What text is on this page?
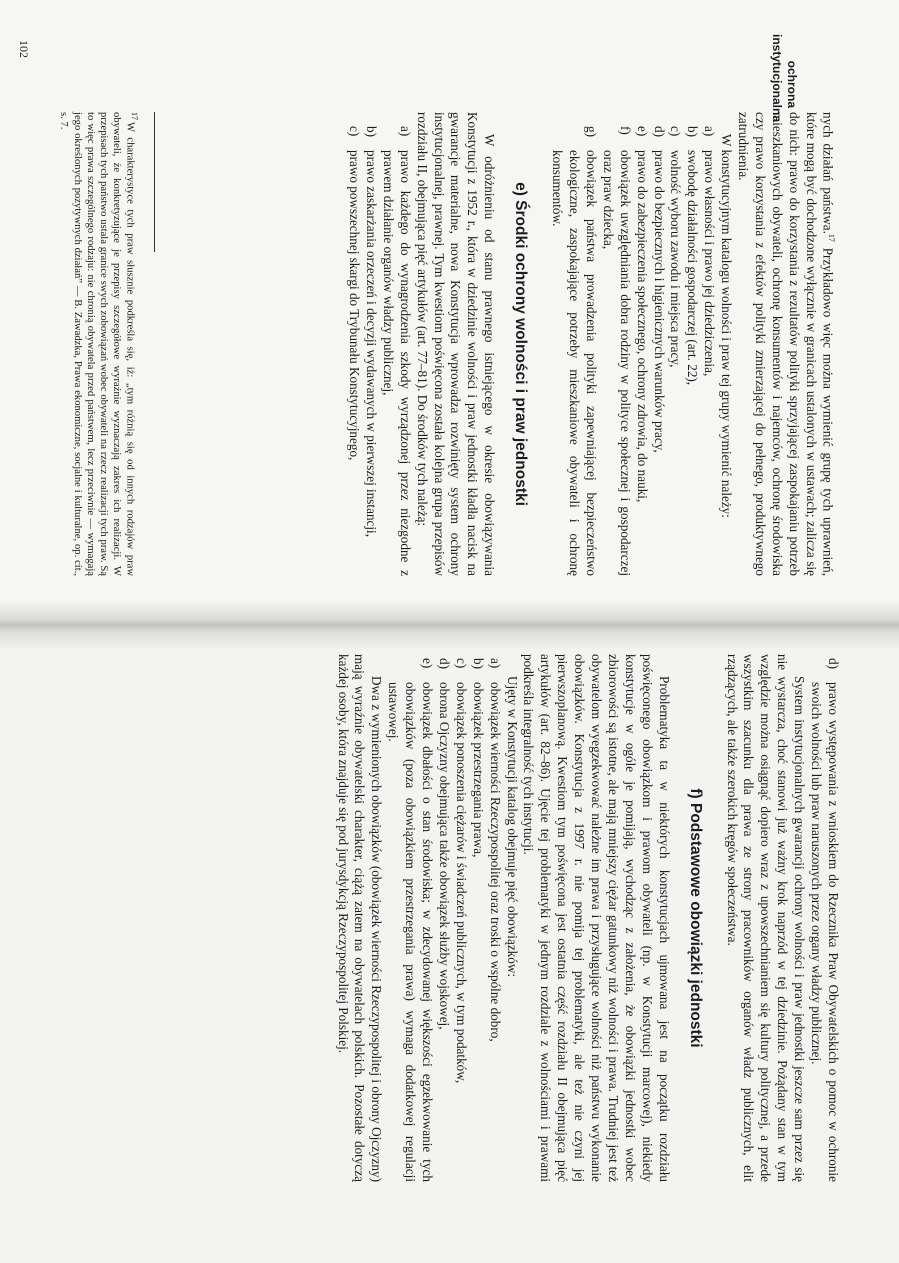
ochrona instytucjonalna

nych działań państwa.$^{17}$ Przykładowo więc można wymienić grupę tych uprawnień, które mogą być dochodzone wyłącznie w granicach ustalonych w ustawach; zalicza się do nich: prawo do korzystania z rezultatów polityki sprzyjającej zaspokajaniu potrzeb mieszkaniowych obywateli, ochronę konsumentów i najemców, ochronę środowiska czy prawo korzystania z efektów polityki zmierzającej do pełnego, produktywnego zatrudnienia.

W konstytucyjnym katalogu wolności i praw tej grupy wymienić należy:

a)
prawo własności i prawo jej dziedziczenia,
b)
swobodę działalności gospodarczej (art. 22),
c)
wolność wyboru zawodu i miejsca pracy,
d)
prawo do bezpiecznych i higienicznych warunków pracy,
e)
prawo do zabezpieczenia społecznego, ochrony zdrowia, do nauki,
f)
obowiązek uwzględniania dobra rodziny w polityce społecznej i gospodarczej oraz praw dziecka,
g)
obowiązek państwa prowadzenia polityki zapewniającej bezpieczeństwo ekologiczne, zaspokajające potrzeby mieszkaniowe obywateli i ochronę konsumentów.
e) Środki ochrony wolności i praw jednostki

W odróżnieniu od stanu prawnego istniejącego w okresie obowiązywania Konstytucji z 1952 r., która w dziedzinie wolności i praw jednostki kładła nacisk na gwarancje materialne, nowa Konstytucja wprowadza rozwinięty system ochrony instytucjonalnej, prawnej. Tym kwestiom poświęcona została kolejna grupa przepisów rozdziału II, obejmująca pięć artykułów (art. 77–81). Do środków tych należą:

a)
prawo każdego do wynagrodzenia szkody wyrządzonej przez niezgodne z prawem działanie organów władzy publicznej,
b)
prawo zaskarżania orzeczeń i decyzji wydawanych w pierwszej instancji,
c)
prawo powszechnej skargi do Trybunału Konstytucyjnego,
$^{17}$W charakterystyce tych praw słusznie podkreśla się, iż: „tym różnią się od innych rodzajów praw obywateli, że konkretyzujące je przepisy szczegółowe wyraźnie wyznaczają zakres ich realizacji. W przepisach tych państwo ustala granice swych zobowiązań wobec obywateli na rzecz realizacji tych praw. Są to więc prawa szczególnego rodzaju: nie chronią obywatela przed państwem, lecz przeciwnie — wymagają jego określonych pozytywnych działań” — B. Zawadzka, Prawa ekonomiczne, socjalne i kulturalne, op. cit., s. 7.
102
d)
prawo występowania z wnioskiem do Rzecznika Praw Obywatelskich o pomoc w ochronie swoich wolności lub praw naruszonych przez organy władzy publicznej.

System instytucjonalnych gwarancji ochrony wolności i praw jednostki jeszcze sam przez się nie wystarcza, choć stanowi już ważny krok naprzód w tej dziedzinie. Pożądany stan w tym względzie można osiągnąć dopiero wraz z upowszechnianiem się kultury politycznej, a przede wszystkim szacunku dla prawa ze strony pracowników organów władz publicznych, elit rządzących, ale także szerokich kręgów społeczeństwa.

f) Podstawowe obowiązki jednostki

Problematyka ta w niektórych konstytucjach ujmowana jest na początku rozdziału poświęconego obowiązkom i prawom obywateli (np. w Konstytucji marcowej), niekiedy konstytucje w ogóle je pomijają, wychodząc z założenia, że obowiązki jednostki wobec zbiorowości są istotne, ale mają mniejszy ciężar gatunkowy niż wolności i prawa. Trudniej jest też obywatelom wyegzekwować należne im prawa i przysługujące wolności niż państwu wykonanie obowiązków. Konstytucja z 1997 r. nie pomija tej problematyki, ale też nie czyni jej pierwszoplanową. Kwestiom tym poświęcona jest ostatnia część rozdziału II obejmująca pięć artykułów (art. 82–86). Ujęcie tej problematyki w jednym rozdziale z wolnościami i prawami podkreśla integralność tych instytucji.

Ujęty w Konstytucji katalog obejmuje pięć obowiązków:

a)
obowiązek wierności Rzeczypospolitej oraz troski o wspólne dobro,
b)
obowiązek przestrzegania prawa,
c)
obowiązek ponoszenia ciężarów i świadczeń publicznych, w tym podatków,
d)
obrona Ojczyzny obejmująca także obowiązek służby wojskowej,
e)
obowiązek dbałości o stan środowiska; w zdecydowanej większości egzekwowanie tych obowiązków (poza obowiązkiem przestrzegania prawa) wymaga dodatkowej regulacji ustawowej.

Dwa z wymienionych obowiązków (obowiązek wierności Rzeczypospolitej i obrony Ojczyzny) mają wyraźnie obywatelski charakter, ciążą zatem na obywatelach polskich. Pozostałe dotyczą każdej osoby, która znajduje się pod jurysdykcją Rzeczypospolitej Polskiej.
